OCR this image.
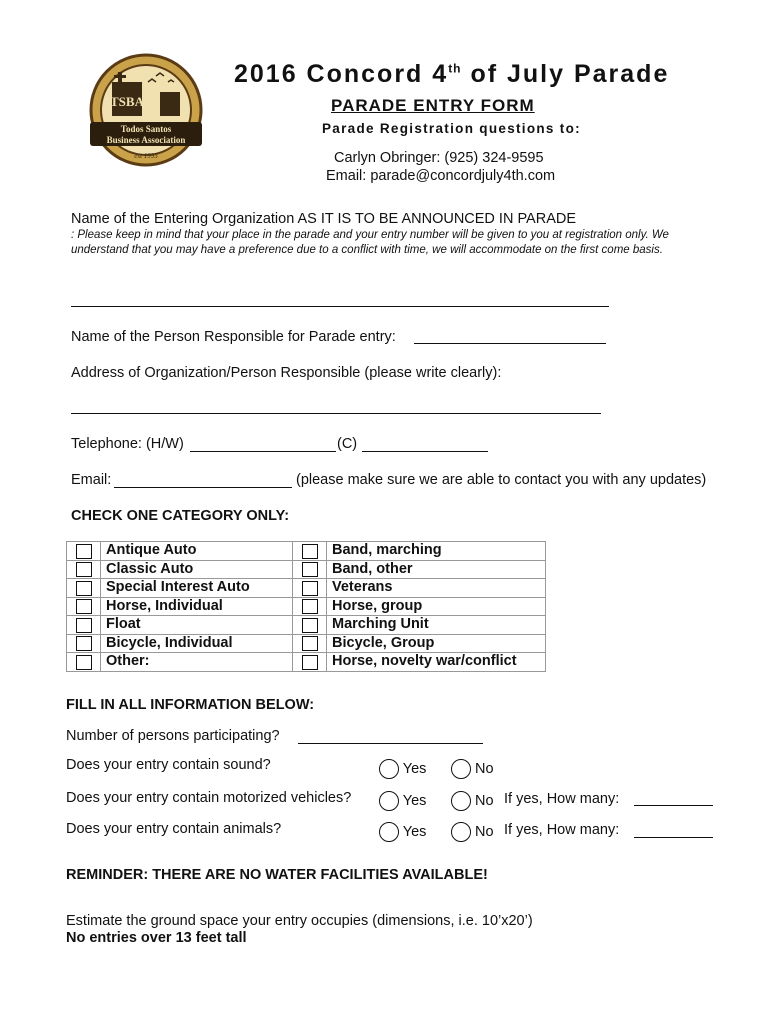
TSBA
Todos Santos
Business Association
est 1993
2016 Concord 4th of July Parade
PARADE ENTRY FORM
Parade Registration questions to:
Carlyn Obringer: (925) 324-9595
Email: parade@concordjuly4th.com
Name of the Entering Organization AS IT IS TO BE ANNOUNCED IN PARADE
: Please keep in mind that your place in the parade and your entry number will be given to you at registration only. We understand that you may have a preference due to a conflict with time, we will accommodate on the first come basis.
Name of the Person Responsible for Parade entry:
Address of Organization/Person Responsible (please write clearly):
Telephone: (H/W)	(C)
Email:	(please make sure we are able to contact you with any updates)
CHECK ONE CATEGORY ONLY:
	Antique Auto		Band, marching

	Classic Auto		Band, other

	Special Interest Auto		Veterans

	Horse, Individual		Horse, group

	Float		Marching Unit

	Bicycle, Individual		Bicycle, Group

	Other:		Horse, novelty war/conflict
FILL IN ALL INFORMATION BELOW:
Number of persons participating?
Does your entry contain sound?	Yes	No
Does your entry contain motorized vehicles?	Yes	No If yes, How many:
Does your entry contain animals?	Yes	No If yes, How many:
REMINDER: THERE ARE NO WATER FACILITIES AVAILABLE!
Estimate the ground space your entry occupies (dimensions, i.e. 10’x20’)
No entries over 13 feet tall
